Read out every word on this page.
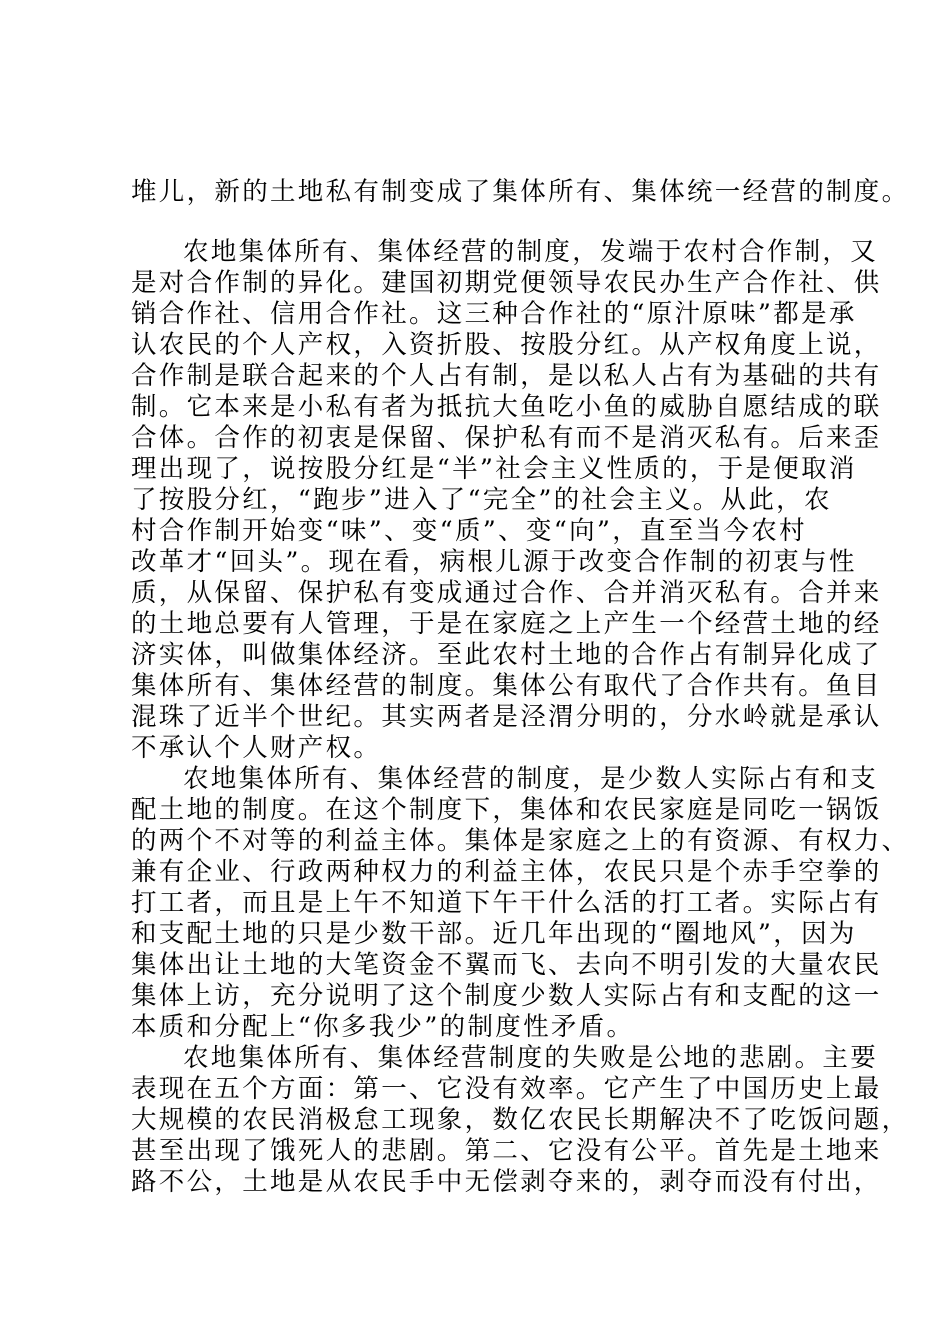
堆儿，新的土地私有制变成了集体所有、集体统一经营的制度。
农地集体所有、集体经营的制度，发端于农村合作制，又
是对合作制的异化。建国初期党便领导农民办生产合作社、供
销合作社、信用合作社。这三种合作社的“原汁原味”都是承
认农民的个人产权，入资折股、按股分红。从产权角度上说，
合作制是联合起来的个人占有制，是以私人占有为基础的共有
制。它本来是小私有者为抵抗大鱼吃小鱼的威胁自愿结成的联
合体。合作的初衷是保留、保护私有而不是消灭私有。后来歪
理出现了，说按股分红是“半”社会主义性质的，于是便取消
了按股分红，“跑步”进入了“完全”的社会主义。从此，农
村合作制开始变“味”、变“质”、变“向”，直至当今农村
改革才“回头”。现在看，病根儿源于改变合作制的初衷与性
质，从保留、保护私有变成通过合作、合并消灭私有。合并来
的土地总要有人管理，于是在家庭之上产生一个经营土地的经
济实体，叫做集体经济。至此农村土地的合作占有制异化成了
集体所有、集体经营的制度。集体公有取代了合作共有。鱼目
混珠了近半个世纪。其实两者是泾渭分明的，分水岭就是承认
不承认个人财产权。
农地集体所有、集体经营的制度，是少数人实际占有和支
配土地的制度。在这个制度下，集体和农民家庭是同吃一锅饭
的两个不对等的利益主体。集体是家庭之上的有资源、有权力、
兼有企业、行政两种权力的利益主体，农民只是个赤手空拳的
打工者，而且是上午不知道下午干什么活的打工者。实际占有
和支配土地的只是少数干部。近几年出现的“圈地风”，因为
集体出让土地的大笔资金不翼而飞、去向不明引发的大量农民
集体上访，充分说明了这个制度少数人实际占有和支配的这一
本质和分配上“你多我少”的制度性矛盾。
农地集体所有、集体经营制度的失败是公地的悲剧。主要
表现在五个方面：第一、它没有效率。它产生了中国历史上最
大规模的农民消极怠工现象，数亿农民长期解决不了吃饭问题，
甚至出现了饿死人的悲剧。第二、它没有公平。首先是土地来
路不公，土地是从农民手中无偿剥夺来的，剥夺而没有付出，
